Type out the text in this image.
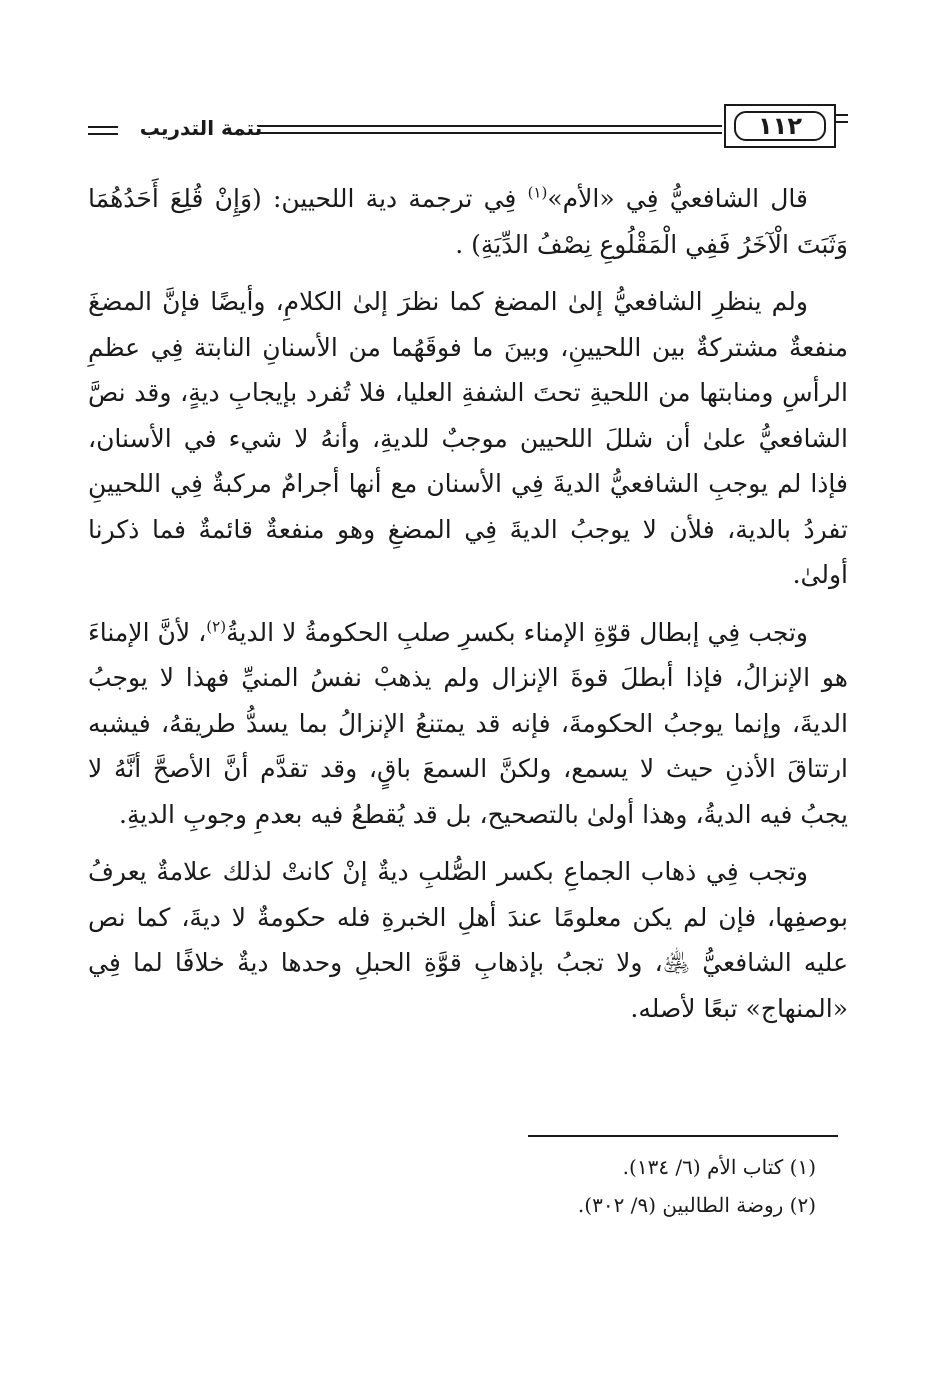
١١٢
تتمة التدريب

قال الشافعيُّ فِي «الأم»$^{(١)}$ فِي ترجمة دية اللحيين: (وَإِنْ قُلِعَ أَحَدُهُمَا وَثَبَتَ الْآخَرُ فَفِي الْمَقْلُوعِ نِصْفُ الدِّيَةِ) .

ولم ينظرِ الشافعيُّ إلىٰ المضغ كما نظرَ إلىٰ الكلامِ، وأيضًا فإنَّ المضغَ منفعةٌ مشتركةٌ بين اللحيينِ، وبينَ ما فوقَهُما من الأسنانِ النابتة فِي عظمِ الرأسِ ومنابتها من اللحيةِ تحتَ الشفةِ العليا، فلا تُفرد بإيجابِ ديةٍ، وقد نصَّ الشافعيُّ علىٰ أن شللَ اللحيين موجبٌ للديةِ، وأنهُ لا شيء في الأسنان، فإذا لم يوجبِ الشافعيُّ الديةَ فِي الأسنان مع أنها أجرامٌ مركبةٌ فِي اللحيينِ تفردُ بالدية، فلأن لا يوجبُ الديةَ فِي المضغِ وهو منفعةٌ قائمةٌ فما ذكرنا أولىٰ.

وتجب فِي إبطال قوّةِ الإمناء بكسرِ صلبِ الحكومةُ لا الديةُ$^{(٢)}$، لأنَّ الإمناءَ هو الإنزالُ، فإذا أبطلَ قوةَ الإنزال ولم يذهبْ نفسُ المنيِّ فهذا لا يوجبُ الديةَ، وإنما يوجبُ الحكومةَ، فإنه قد يمتنعُ الإنزالُ بما يسدُّ طريقهُ، فيشبه ارتتاقَ الأذنِ حيث لا يسمع، ولكنَّ السمعَ باقٍ، وقد تقدَّم أنَّ الأصحَّ أنَّهُ لا يجبُ فيه الديةُ، وهذا أولىٰ بالتصحيح، بل قد يُقطعُ فيه بعدمِ وجوبِ الديةِ.

وتجب فِي ذهاب الجماعِ بكسر الصُّلبِ ديةٌ إنْ كانتْ لذلك علامةٌ يعرفُ بوصفِها، فإن لم يكن معلومًا عندَ أهلِ الخبرةِ فله حكومةٌ لا ديةَ، كما نص عليه الشافعيُّ ﵁، ولا تجبُ بإذهابِ قوَّةِ الحبلِ وحدها ديةٌ خلافًا لما فِي «المنهاج» تبعًا لأصله.

(١) كتاب الأم (٦/ ١٣٤).
(٢) روضة الطالبين (٩/ ٣٠٢).
